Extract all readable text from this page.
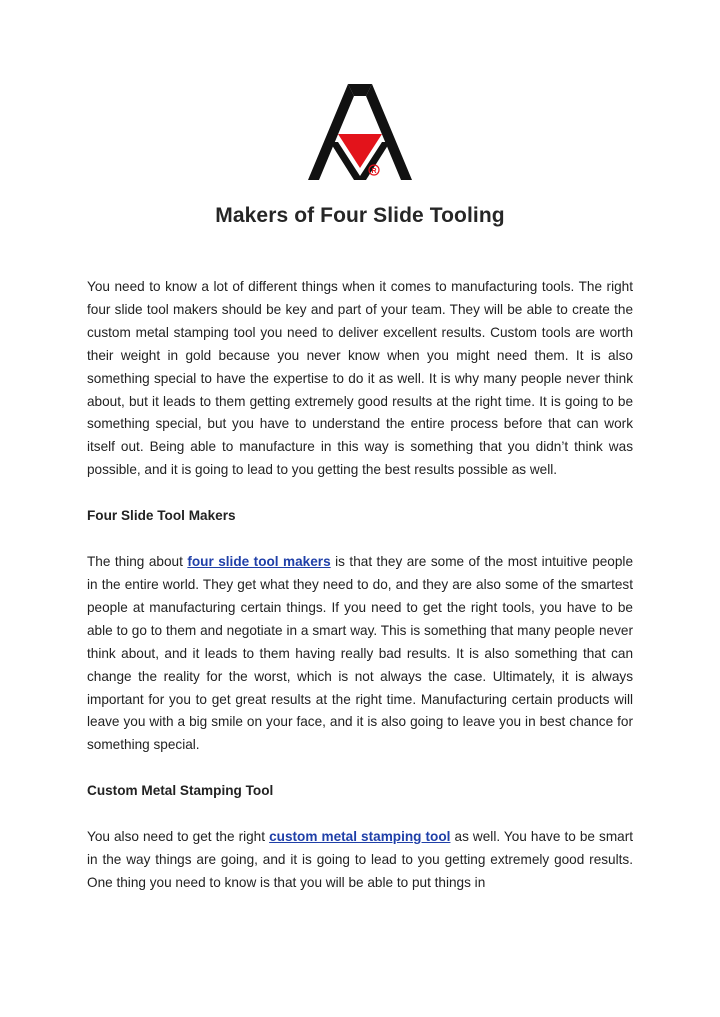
R
Makers of Four Slide Tooling

You need to know a lot of different things when it comes to manufacturing tools. The right four slide tool makers should be key and part of your team. They will be able to create the custom metal stamping tool you need to deliver excellent results. Custom tools are worth their weight in gold because you never know when you might need them. It is also something special to have the expertise to do it as well. It is why many people never think about, but it leads to them getting extremely good results at the right time. It is going to be something special, but you have to understand the entire process before that can work itself out. Being able to manufacture in this way is something that you didn’t think was possible, and it is going to lead to you getting the best results possible as well.

Four Slide Tool Makers

The thing about four slide tool makers is that they are some of the most intuitive people in the entire world. They get what they need to do, and they are also some of the smartest people at manufacturing certain things. If you need to get the right tools, you have to be able to go to them and negotiate in a smart way. This is something that many people never think about, and it leads to them having really bad results. It is also something that can change the reality for the worst, which is not always the case. Ultimately, it is always important for you to get great results at the right time. Manufacturing certain products will leave you with a big smile on your face, and it is also going to leave you in best chance for something special.

Custom Metal Stamping Tool

You also need to get the right custom metal stamping tool as well. You have to be smart in the way things are going, and it is going to lead to you getting extremely good results. One thing you need to know is that you will be able to put things in
